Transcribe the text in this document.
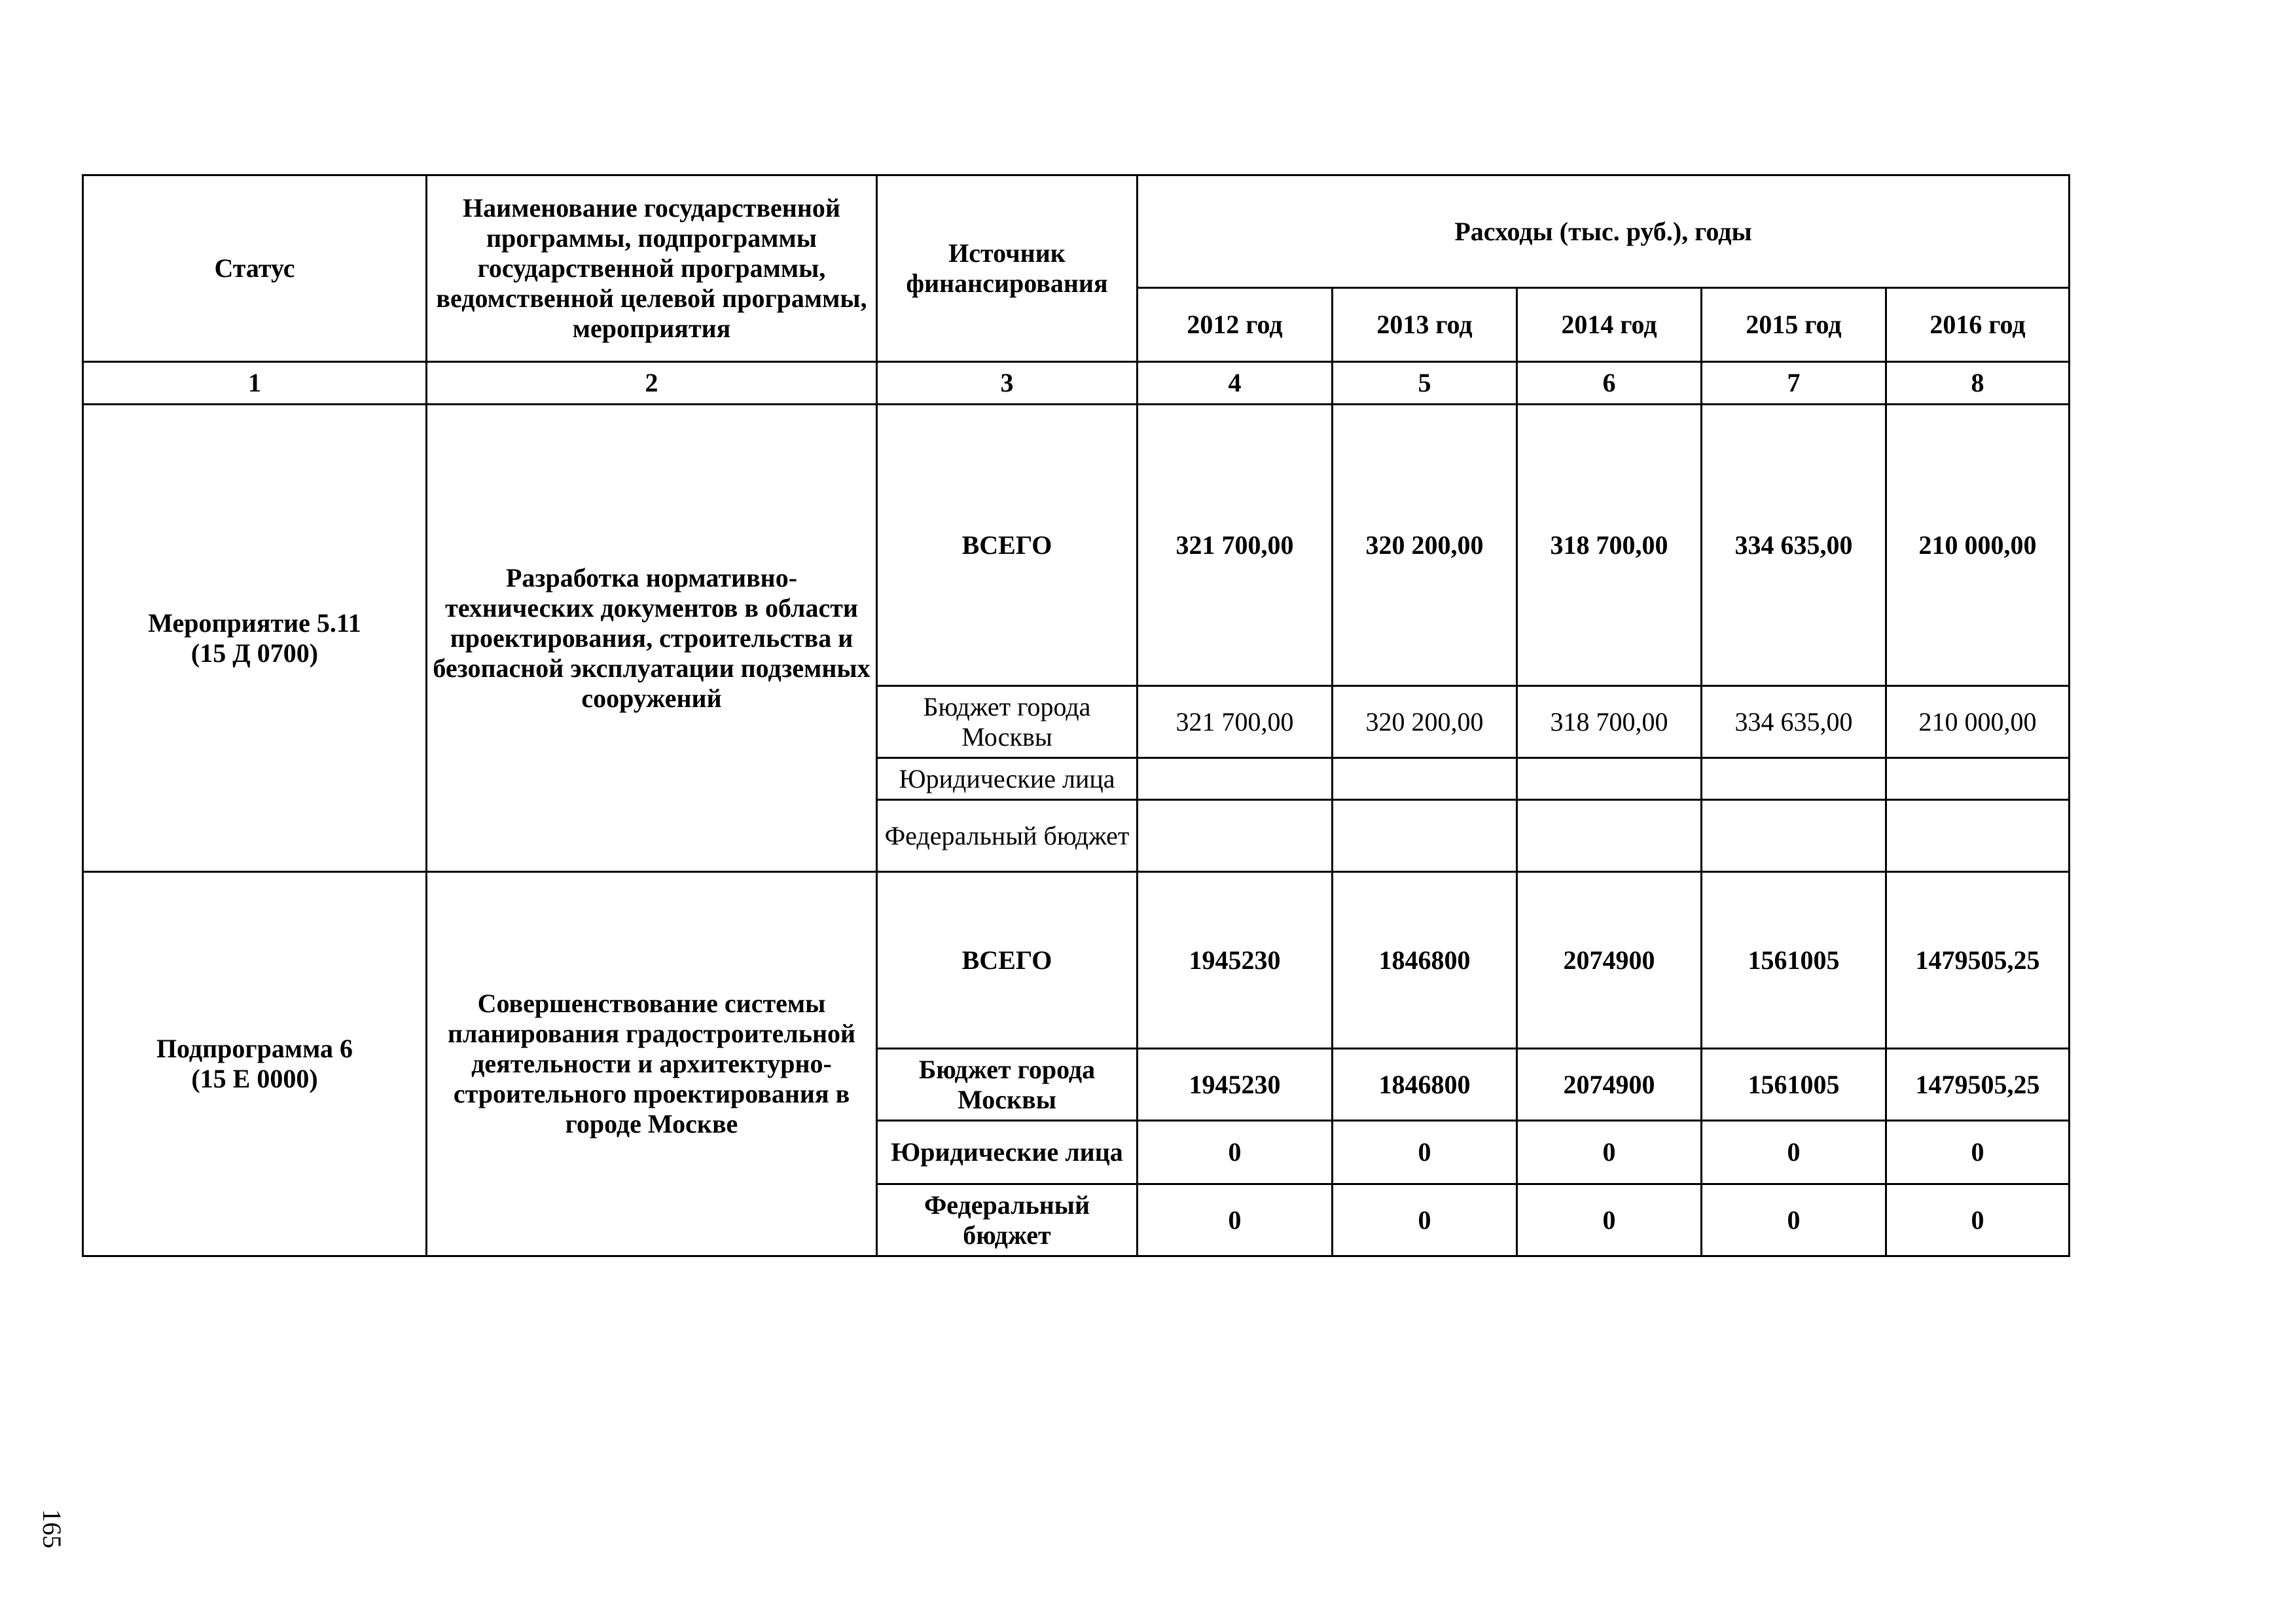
165
Статус	Наименование государственной программы, подпрограммы государственной программы, ведомственной целевой программы, мероприятия	Источник финансирования	Расходы (тыс. руб.), годы				
			2012 год	2013 год	2014 год	2015 год	2016 год
1	2	3	4	5	6	7	8
Мероприятие 5.11
(15 Д 0700)	Разработка нормативно-технических документов в области проектирования, строительства и безопасной эксплуатации подземных сооружений	ВСЕГО	321 700,00	320 200,00	318 700,00	334 635,00	210 000,00
		Бюджет города Москвы	321 700,00	320 200,00	318 700,00	334 635,00	210 000,00
		Юридические лица					
		Федеральный бюджет					
Подпрограмма 6
(15 Е 0000)	Совершенствование системы планирования градостроительной деятельности и архитектурно-строительного проектирования в городе Москве	ВСЕГО	1945230	1846800	2074900	1561005	1479505,25
		Бюджет города Москвы	1945230	1846800	2074900	1561005	1479505,25
		Юридические лица	0	0	0	0	0
		Федеральный бюджет	0	0	0	0	0
